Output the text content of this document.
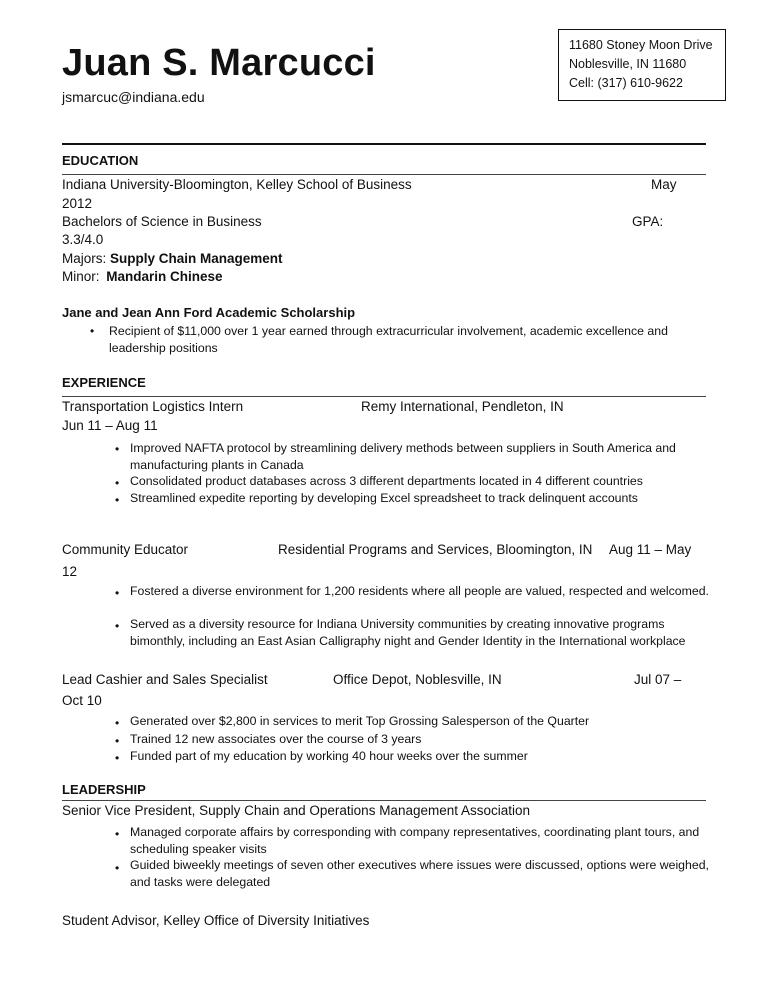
Juan S. Marcucci
jsmarcuc@indiana.edu
11680 Stoney Moon Drive
Noblesville, IN 11680
Cell: (317) 610-9622
EDUCATION
Indiana University-Bloomington, Kelley School of Business	May
2012
Bachelors of Science in Business	GPA:
3.3/4.0
Majors: Supply Chain Management
Minor: Mandarin Chinese
Jane and Jean Ann Ford Academic Scholarship
• Recipient of $11,000 over 1 year earned through extracurricular involvement, academic excellence and leadership positions
EXPERIENCE
Transportation Logistics Intern	Remy International, Pendleton, IN
Jun 11 – Aug 11
• Improved NAFTA protocol by streamlining delivery methods between suppliers in South America and manufacturing plants in Canada
• Consolidated product databases across 3 different departments located in 4 different countries
• Streamlined expedite reporting by developing Excel spreadsheet to track delinquent accounts
Community Educator	Residential Programs and Services, Bloomington, IN Aug 11 – May
12
• Fostered a diverse environment for 1,200 residents where all people are valued, respected and welcomed.
• Served as a diversity resource for Indiana University communities by creating innovative programs bimonthly, including an East Asian Calligraphy night and Gender Identity in the International workplace
Lead Cashier and Sales Specialist	Office Depot, Noblesville, IN	Jul 07 –
Oct 10
• Generated over $2,800 in services to merit Top Grossing Salesperson of the Quarter
• Trained 12 new associates over the course of 3 years
• Funded part of my education by working 40 hour weeks over the summer
LEADERSHIP
Senior Vice President, Supply Chain and Operations Management Association
• Managed corporate affairs by corresponding with company representatives, coordinating plant tours, and scheduling speaker visits
• Guided biweekly meetings of seven other executives where issues were discussed, options were weighed, and tasks were delegated
Student Advisor, Kelley Office of Diversity Initiatives
